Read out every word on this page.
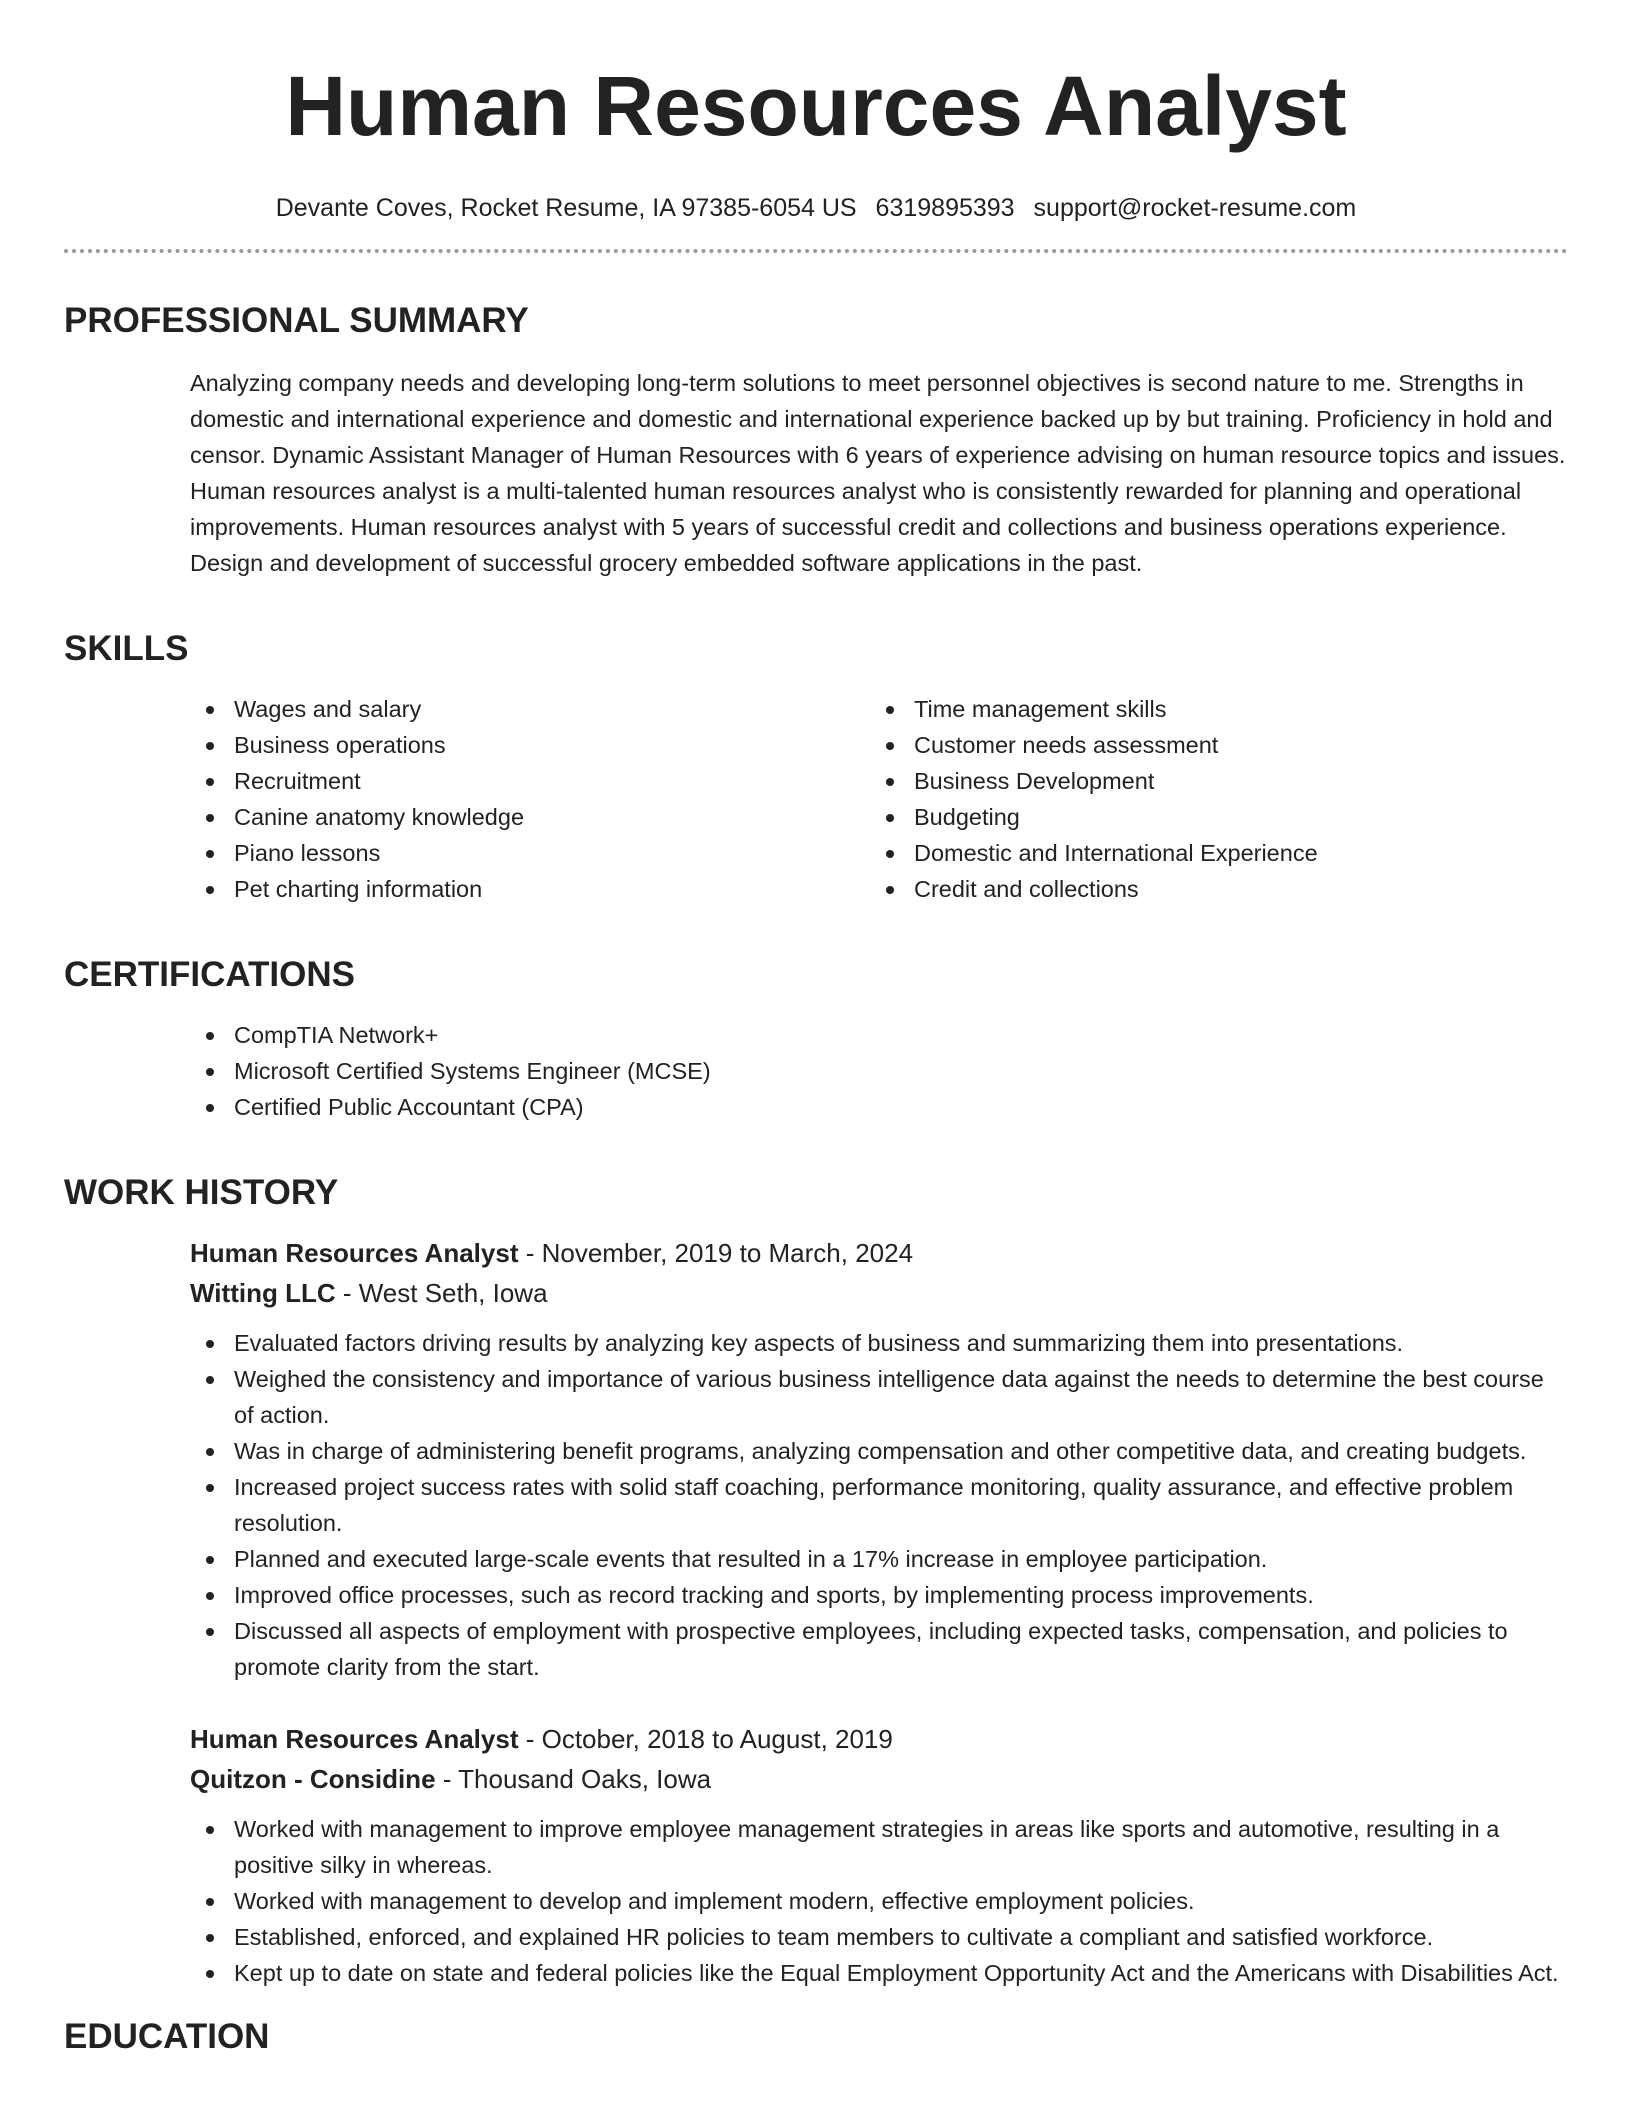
Human Resources Analyst
Devante Coves, Rocket Resume, IA 97385-6054 US 6319895393 support@rocket-resume.com
PROFESSIONAL SUMMARY

Analyzing company needs and developing long-term solutions to meet personnel objectives is second nature to me. Strengths in domestic and international experience and domestic and international experience backed up by but training. Proficiency in hold and censor. Dynamic Assistant Manager of Human Resources with 6 years of experience advising on human resource topics and issues. Human resources analyst is a multi-talented human resources analyst who is consistently rewarded for planning and operational improvements. Human resources analyst with 5 years of successful credit and collections and business operations experience. Design and development of successful grocery embedded software applications in the past.

SKILLS
Wages and salary
Business operations
Recruitment
Canine anatomy knowledge
Piano lessons
Pet charting information
Time management skills
Customer needs assessment
Business Development
Budgeting
Domestic and International Experience
Credit and collections
CERTIFICATIONS
CompTIA Network+
Microsoft Certified Systems Engineer (MCSE)
Certified Public Accountant (CPA)
WORK HISTORY
Human Resources Analyst - November, 2019 to March, 2024
Witting LLC - West Seth, Iowa
Evaluated factors driving results by analyzing key aspects of business and summarizing them into presentations.
Weighed the consistency and importance of various business intelligence data against the needs to determine the best course of action.
Was in charge of administering benefit programs, analyzing compensation and other competitive data, and creating budgets.
Increased project success rates with solid staff coaching, performance monitoring, quality assurance, and effective problem resolution.
Planned and executed large-scale events that resulted in a 17% increase in employee participation.
Improved office processes, such as record tracking and sports, by implementing process improvements.
Discussed all aspects of employment with prospective employees, including expected tasks, compensation, and policies to promote clarity from the start.
Human Resources Analyst - October, 2018 to August, 2019
Quitzon - Considine - Thousand Oaks, Iowa
Worked with management to improve employee management strategies in areas like sports and automotive, resulting in a positive silky in whereas.
Worked with management to develop and implement modern, effective employment policies.
Established, enforced, and explained HR policies to team members to cultivate a compliant and satisfied workforce.
Kept up to date on state and federal policies like the Equal Employment Opportunity Act and the Americans with Disabilities Act.
EDUCATION
